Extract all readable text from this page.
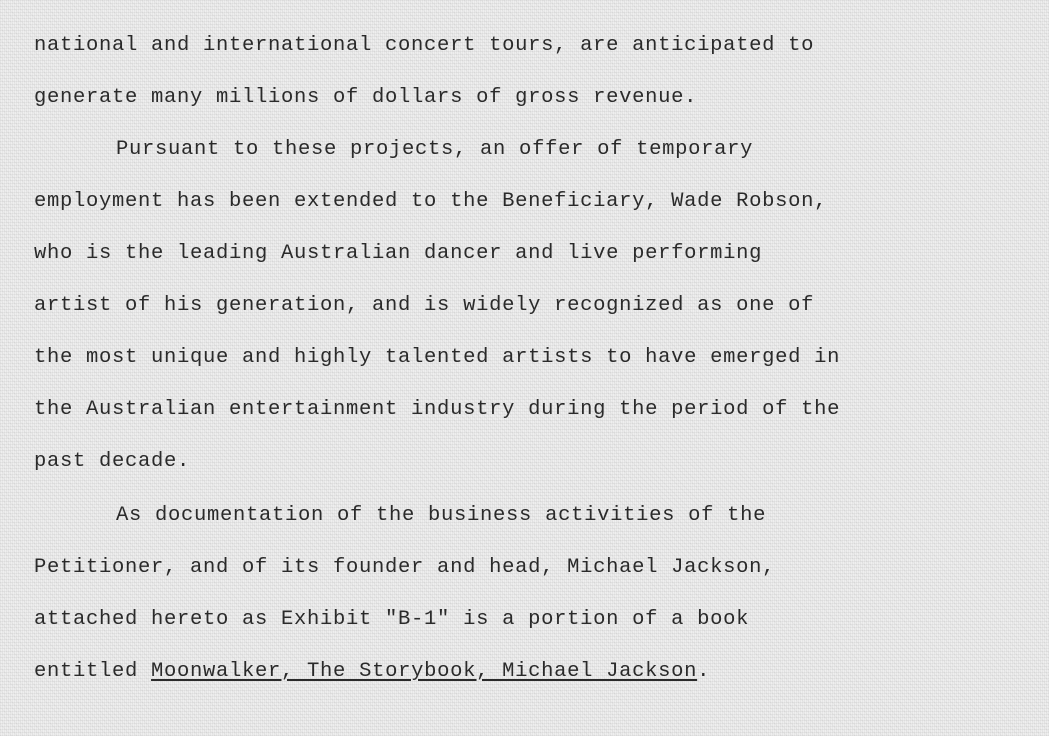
national and international concert tours, are anticipated to
generate many millions of dollars of gross revenue.
Pursuant to these projects, an offer of temporary
employment has been extended to the Beneficiary, Wade Robson,
who is the leading Australian dancer and live performing
artist of his generation, and is widely recognized as one of
the most unique and highly talented artists to have emerged in
the Australian entertainment industry during the period of the
past decade.
As documentation of the business activities of the
Petitioner, and of its founder and head, Michael Jackson,
attached hereto as Exhibit "B-1" is a portion of a book
entitled Moonwalker, The Storybook, Michael Jackson.
